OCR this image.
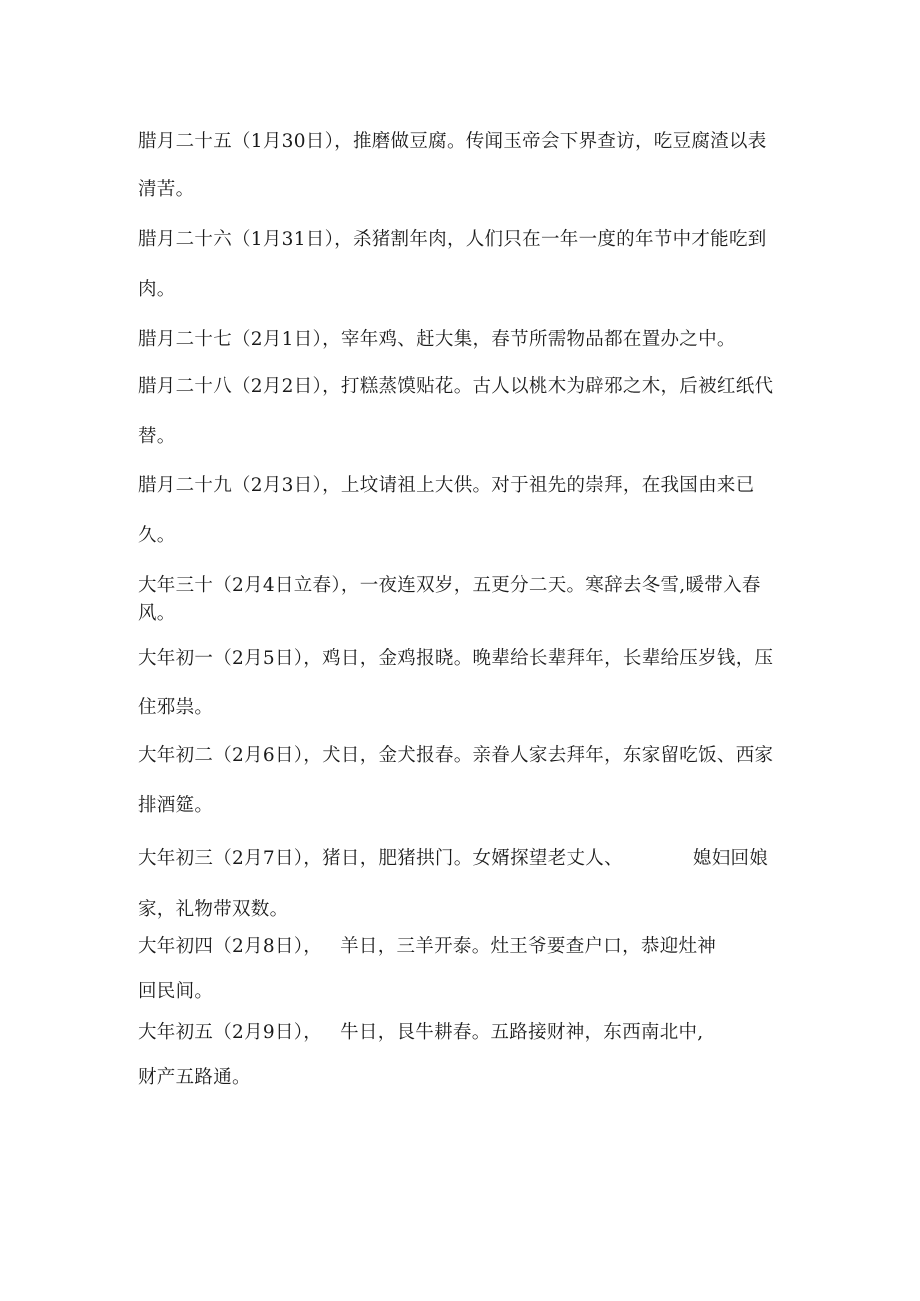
腊月二十五（1月30日），推磨做豆腐。传闻玉帝会下界查访，吃豆腐渣以表
清苦。
腊月二十六（1月31日），杀猪割年肉，人们只在一年一度的年节中才能吃到
肉。
腊月二十七（2月1日），宰年鸡、赶大集，春节所需物品都在置办之中。
腊月二十八（2月2日），打糕蒸馍贴花。古人以桃木为辟邪之木，后被红纸代
替。
腊月二十九（2月3日），上坟请祖上大供。对于祖先的崇拜，在我国由来已
久。
大年三十（2月4日立春），一夜连双岁，五更分二天。寒辞去冬雪,暖带入春
风。
大年初一（2月5日），鸡日，金鸡报晓。晚辈给长辈拜年，长辈给压岁钱，压
住邪祟。
大年初二（2月6日），犬日，金犬报春。亲眷人家去拜年，东家留吃饭、西家
排酒筵。
大年初三（2月7日），猪日，肥猪拱门。女婿探望老丈人、	媳妇回娘
家，礼物带双数。
大年初四（2月8日）， 羊日，三羊开泰。灶王爷要查户口，恭迎灶神
回民间。
大年初五（2月9日）， 牛日，艮牛耕春。五路接财神，东西南北中,
财产五路通。
